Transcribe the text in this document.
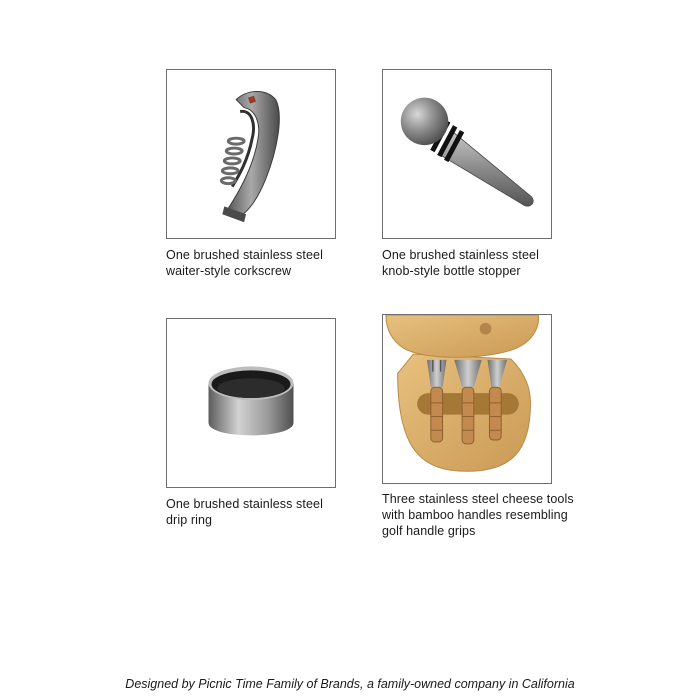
One brushed stainless steel
waiter-style corkscrew
One brushed stainless steel
knob-style bottle stopper
One brushed stainless steel
drip ring
Three stainless steel cheese tools
with bamboo handles resembling
golf handle grips
Designed by Picnic Time Family of Brands, a family-owned company in California
